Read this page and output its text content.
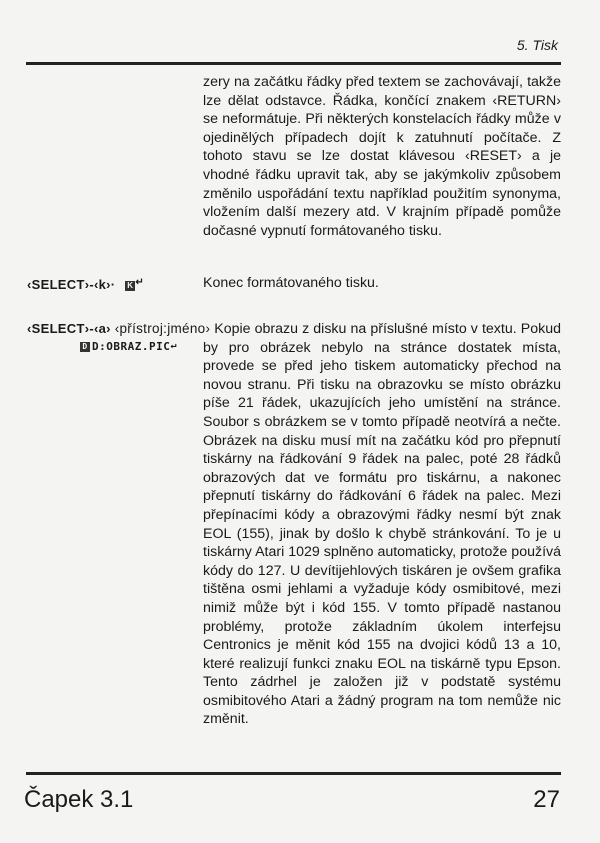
5. Tisk
zery na začátku řádky před textem se zachovávají, takže lze dělat odstavce. Řádka, končící znakem ‹RETURN› se neformátuje. Při některých konstelacích řádky může v ojedinělých případech dojít k zatuhnutí počítače. Z tohoto stavu se lze dostat klávesou ‹RESET› a je vhodné řádku upravit tak, aby se jakýmkoliv způsobem změnilo uspořádání textu například použitím synonyma, vložením další mezery atd. V krajním případě pomůže dočasné vypnutí formátovaného tisku.
‹SELECT›-‹k›· K ↵	Konec formátovaného tisku.
‹SELECT›-‹a› ‹přístroj:jméno›
D D:OBRAZ.PIC↵
Kopie obrazu z disku na příslušné místo v textu. Pokud by pro obrázek nebylo na stránce dostatek místa, provede se před jeho tiskem automaticky přechod na novou stranu. Při tisku na obrazovku se místo obrázku píše 21 řádek, ukazujících jeho umístění na stránce. Soubor s obrázkem se v tomto případě neotvírá a nečte. Obrázek na disku musí mít na začátku kód pro přepnutí tiskárny na řádkování 9 řádek na palec, poté 28 řádků obrazových dat ve formátu pro tiskárnu, a nakonec přepnutí tiskárny do řádkování 6 řádek na palec. Mezi přepínacími kódy a obrazovými řádky nesmí být znak EOL (155), jinak by došlo k chybě stránkování. To je u tiskárny Atari 1029 splněno automaticky, protože používá kódy do 127. U devítijehlových tiskáren je ovšem grafika tištěna osmi jehlami a vyžaduje kódy osmibitové, mezi nimiž může být i kód 155. V tomto případě nastanou problémy, protože základním úkolem interfejsu Centronics je měnit kód 155 na dvojici kódů 13 a 10, které realizují funkci znaku EOL na tiskárně typu Epson. Tento zádrhel je založen již v podstatě systému osmibitového Atari a žádný program na tom nemůže nic změnit.
Čapek 3.1	27
